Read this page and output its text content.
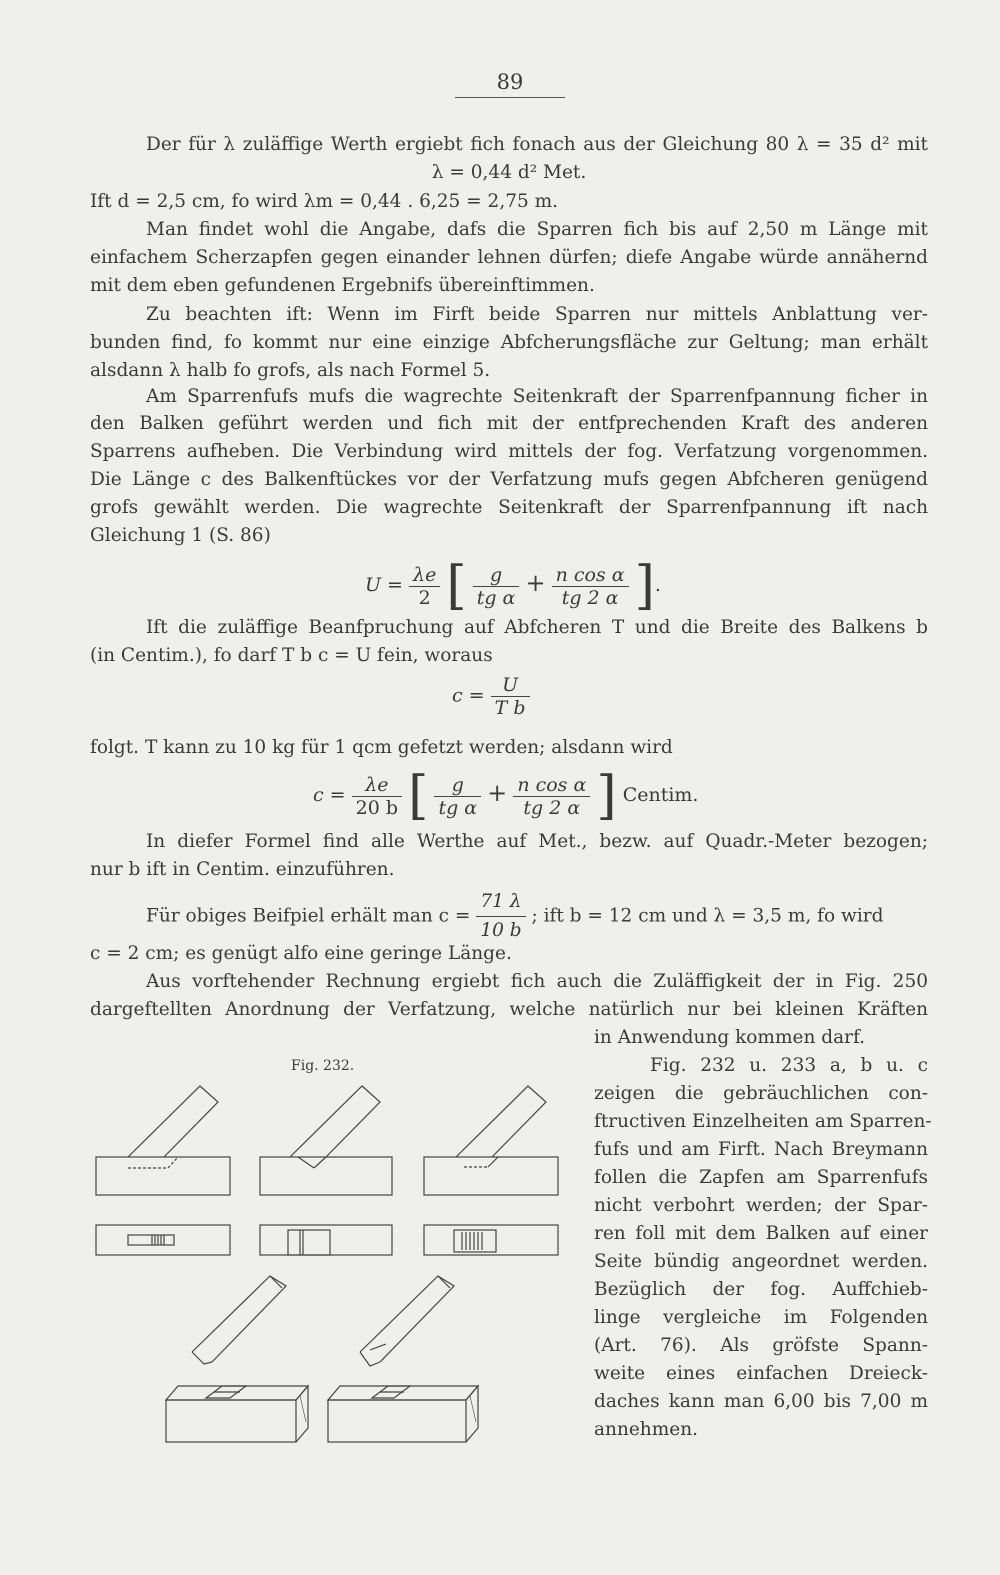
89
Der für λ zuläffige Werth ergiebt fich fonach aus der Gleichung 80 λ = 35 d² mit
λ = 0,44 d² Met.
Ift d = 2,5 cm, fo wird λm = 0,44 . 6,25 = 2,75 m.
Man findet wohl die Angabe, dafs die Sparren fich bis auf 2,50 m Länge mit
einfachem Scherzapfen gegen einander lehnen dürfen; diefe Angabe würde annähernd
mit dem eben gefundenen Ergebnifs übereinftimmen.
Zu beachten ift: Wenn im Firft beide Sparren nur mittels Anblattung ver-
bunden find, fo kommt nur eine einzige Abfcherungsfläche zur Geltung; man erhält
alsdann λ halb fo grofs, als nach Formel 5.
Am Sparrenfufs mufs die wagrechte Seitenkraft der Sparrenfpannung ficher in
den Balken geführt werden und fich mit der entfprechenden Kraft des anderen
Sparrens aufheben. Die Verbindung wird mittels der fog. Verfatzung vorgenommen.
Die Länge c des Balkenftückes vor der Verfatzung mufs gegen Abfcheren genügend
grofs gewählt werden. Die wagrechte Seitenkraft der Sparrenfpannung ift nach
Gleichung 1 (S. 86)
$U = \frac{\lambda e}{2}$ [ $\frac{g}{\text{tg α}} + \frac{\text{n cos α}}{tg 2 \alpha}$ ].
Ift die zuläffige Beanfpruchung auf Abfcheren T und die Breite des Balkens b
(in Centim.), fo darf T b c = U fein, woraus
$c = \frac{U}{\text{T b}}$
folgt. T kann zu 10 kg für 1 qcm gefetzt werden; alsdann wird
$c = \frac{\lambda e}{20 b}$ [ $\frac{g}{\text{tg α}} + \frac{\text{n cos α}}{tg 2 \alpha}$ ] Centim.
In diefer Formel find alle Werthe auf Met., bezw. auf Quadr.-Meter bezogen;
nur b ift in Centim. einzuführen.
Für obiges Beifpiel erhält man $c = \frac{71 \lambda}{10 b}$ ; ift b = 12 cm und λ = 3,5 m, fo wird
c = 2 cm; es genügt alfo eine geringe Länge.
Aus vorftehender Rechnung ergiebt fich auch die Zuläffigkeit der in Fig. 250
dargeftellten Anordnung der Verfatzung, welche natürlich nur bei kleinen Kräften
in Anwendung kommen darf.
Fig. 232 u. 233 a, b u. c
zeigen die gebräuchlichen con-
ftructiven Einzelheiten am Sparren-
fufs und am Firft. Nach Breymann
follen die Zapfen am Sparrenfufs
nicht verbohrt werden; der Spar-
ren foll mit dem Balken auf einer
Seite bündig angeordnet werden.
Bezüglich der fog. Auffchieb-
linge vergleiche im Folgenden
(Art. 76). Als gröfste Spann-
weite eines einfachen Dreieck-
daches kann man 6,00 bis 7,00 m
annehmen.
Fig. 232.
